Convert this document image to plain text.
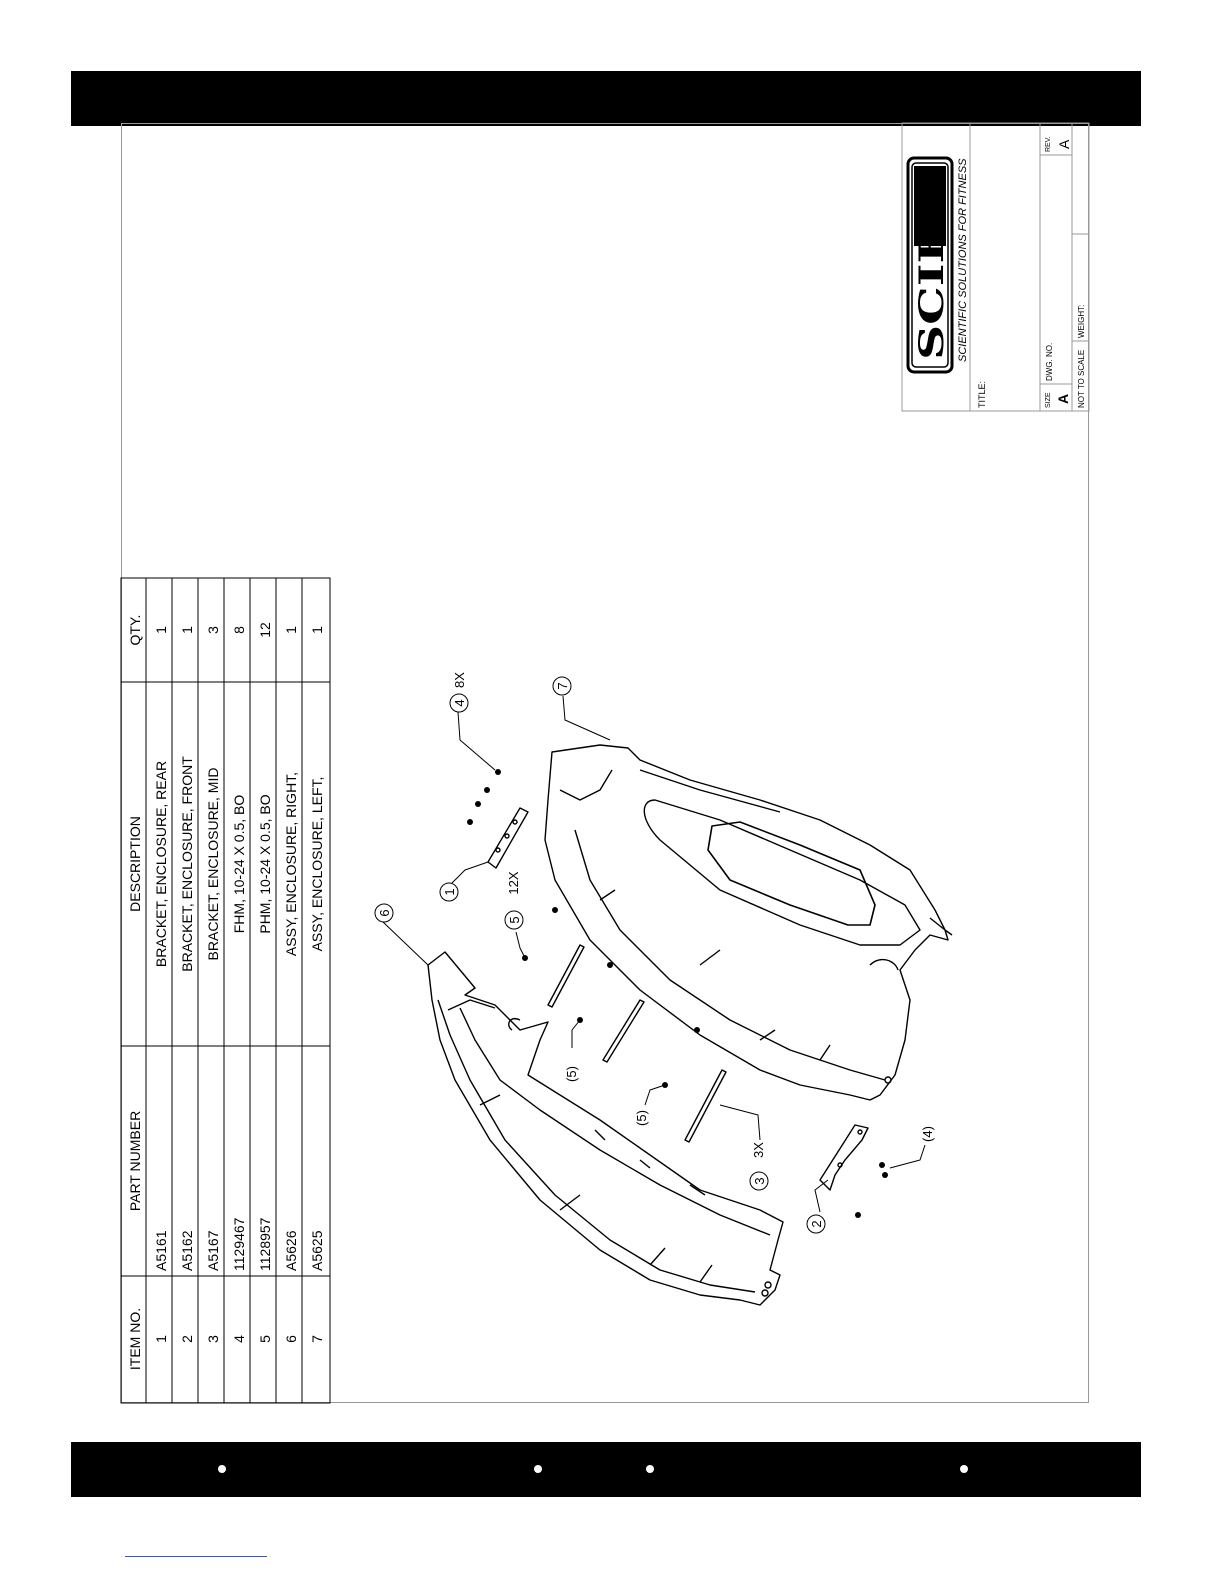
ITEM NO.
PART NUMBER
DESCRIPTION
QTY.
1
A5161
BRACKET, ENCLOSURE, REAR
1
2
A5162
BRACKET, ENCLOSURE, FRONT
1
3
A5167
BRACKET, ENCLOSURE, MID
3
4
1129467
FHM, 10-24 X 0.5, BO
8
5
1128957
PHM, 10-24 X 0.5, BO
12
6
A5626
ASSY, ENCLOSURE, RIGHT,
1
7
A5625
ASSY, ENCLOSURE, LEFT,
1
SCIFIT SCIENTIFIC SOLUTIONS FOR FITNESS
TITLE:	SIZE A
DWG. NO.
REV. A
NOT TO SCALE
WEIGHT:
6
7
4
1
5
3
2
8X
12X
3X
(5)
(5)
(4)
